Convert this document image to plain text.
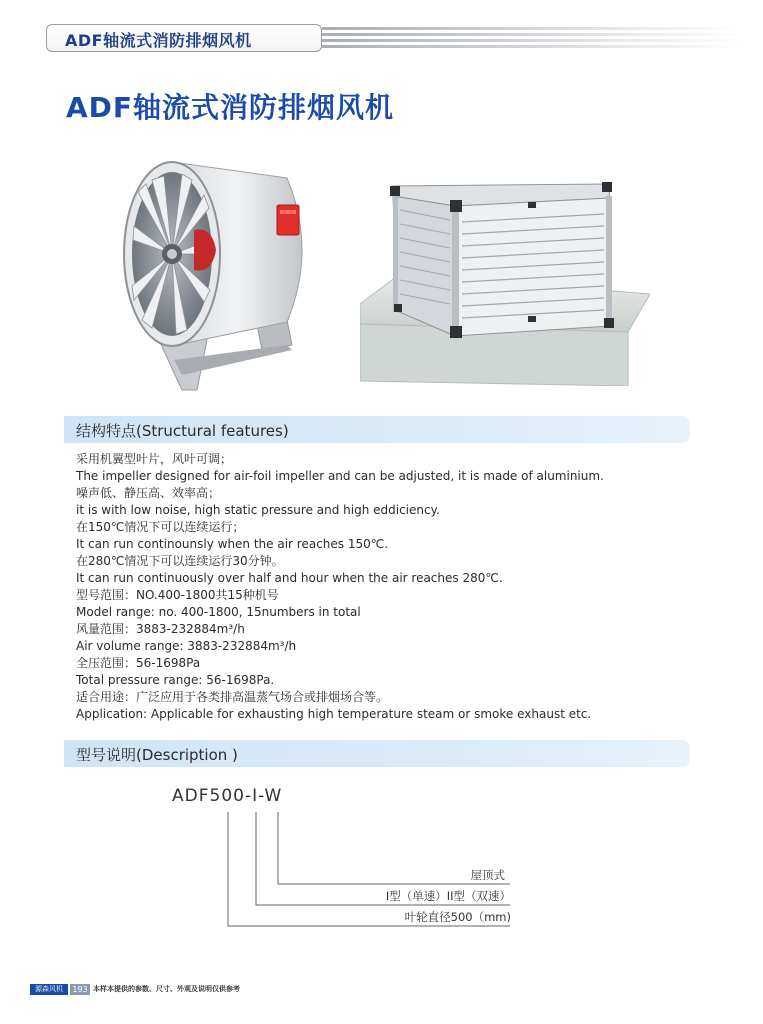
ADF轴流式消防排烟风机
ADF轴流式消防排烟风机
结构特点(Structural features)
采用机翼型叶片，风叶可调；
The impeller designed for air-foil impeller and can be adjusted, it is made of aluminium.
噪声低、静压高、效率高；
it is with low noise, high static pressure and high eddiciency.
在150℃情况下可以连续运行；
It can run continounsly when the air reaches 150℃.
在280℃情况下可以连续运行30分钟。
It can run continuously over half and hour when the air reaches 280℃.
型号范围：NO.400-1800共15种机号
Model range: no. 400-1800, 15numbers in total
风量范围：3883-232884m³/h
Air volume range: 3883-232884m³/h
全压范围：56-1698Pa
Total pressure range: 56-1698Pa.
适合用途：广泛应用于各类排高温蒸气场合或排烟场合等。
Application: Applicable for exhausting high temperature steam or smoke exhaust etc.
型号说明(Description )
ADF500-I-W
屋顶式
I型（单速）II型（双速）
叶轮直径500（mm)
源森风机	193 本样本提供的参数、尺寸、外观及说明仅供参考
